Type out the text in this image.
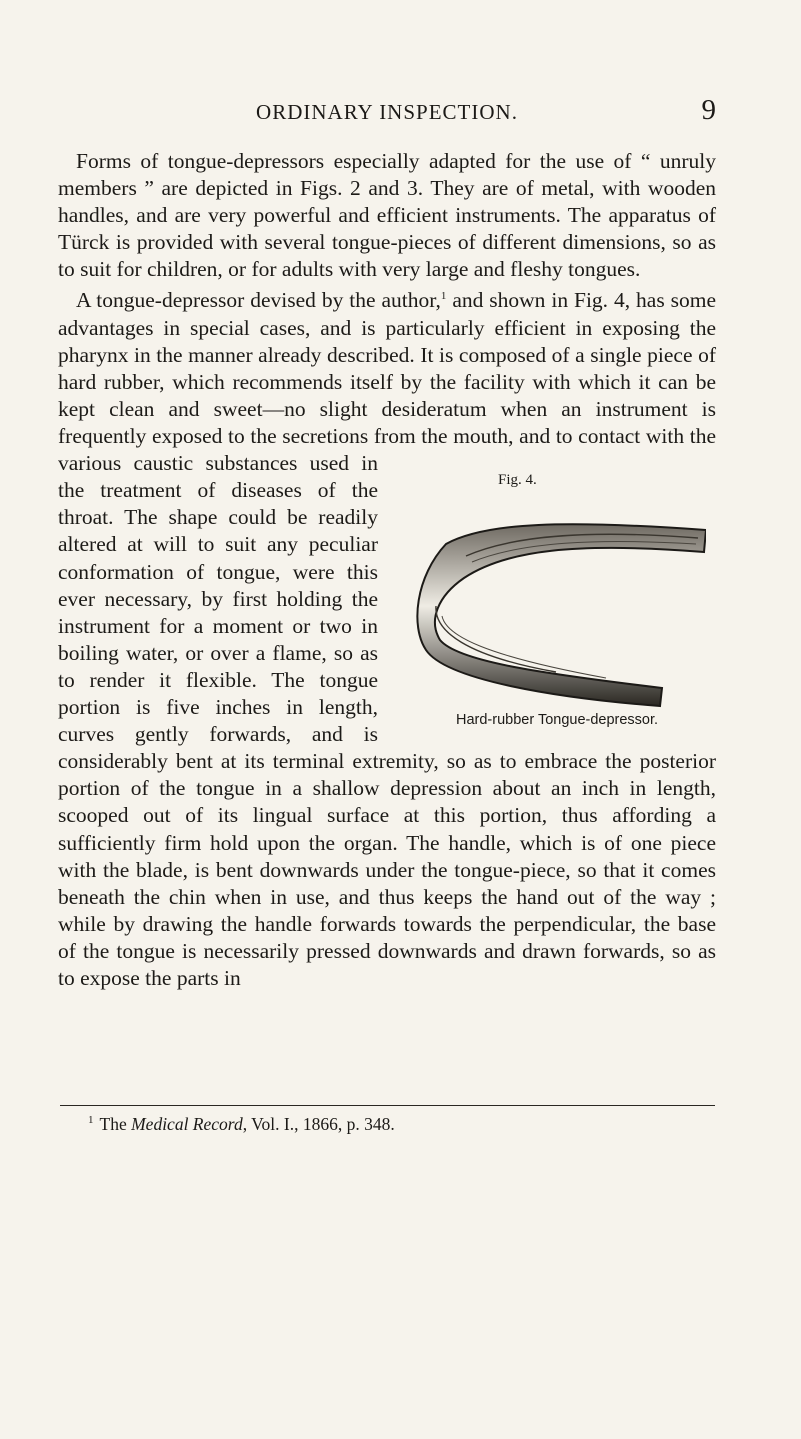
ORDINARY INSPECTION.	9

Forms of tongue-depressors especially adapted for the use of “ unruly members ” are depicted in Figs. 2 and 3. They are of metal, with wooden handles, and are very powerful and efficient instruments. The apparatus of Türck is provided with several tongue-pieces of different dimensions, so as to suit for children, or for adults with very large and fleshy tongues.

A tongue-depressor devised by the author,$^1$ and shown in Fig. 4, has some advantages in special cases, and is particularly efficient in exposing the pharynx in the manner already described. It is composed of a single piece of hard rubber, which recommends itself by the facility with which it can be kept clean and sweet—no slight desideratum when an instrument is frequently exposed to the secretions from the mouth,
and to contact with the various caustic substances used in the treatment of diseases of the throat. The shape could be readily altered at will to suit any peculiar conformation of tongue, were this ever necessary, by first holding the instrument for a moment or two in boiling water, or over a flame, so as to render it flexible. The tongue portion is five inches in length, curves gently forwards, and is considerably bent at its terminal extremity, so as to embrace the posterior portion of the tongue in a shallow depression about an inch in length, scooped out of its lingual surface at this portion, thus affording a sufficiently firm hold upon the organ. The handle, which is of one piece with the blade, is bent downwards under the tongue-piece, so that it comes beneath the chin when in use, and thus keeps the hand out of the way ; while by drawing the handle forwards towards the perpendicular, the base of the tongue is necessarily pressed downwards and drawn forwards, so as to expose the parts in

Fig. 4.
Hard-rubber Tongue-depressor.
$^1$ The Medical Record, Vol. I., 1866, p. 348.
